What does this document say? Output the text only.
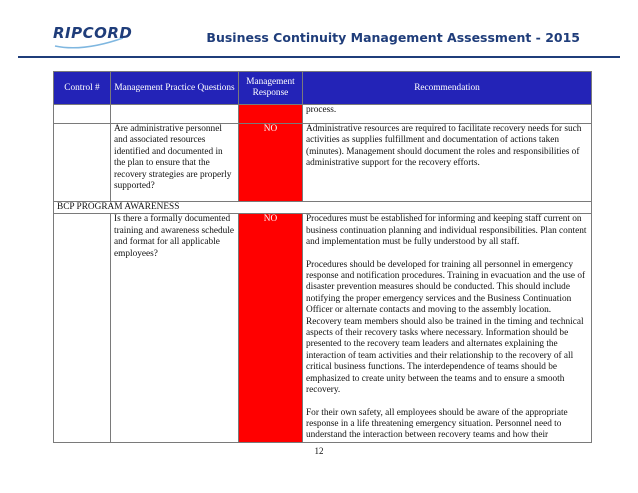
RIPCORD	Business Continuity Management Assessment - 2015
Control #	Management Practice Questions	Management Response	Recommendation
			process.
	Are administrative personnel and associated resources identified and documented in the plan to ensure that the recovery strategies are properly supported?	NO	Administrative resources are required to facilitate recovery needs for such activities as supplies fulfillment and documentation of actions taken (minutes). Management should document the roles and responsibilities of administrative support for the recovery efforts.
BCP PROGRAM AWARENESS			
	Is there a formally documented training and awareness schedule and format for all applicable employees?	NO	Procedures must be established for informing and keeping staff current on business continuation planning and individual responsibilities. Plan content and implementation must be fully understood by all staff.

Procedures should be developed for training all personnel in emergency response and notification procedures. Training in evacuation and the use of disaster prevention measures should be conducted. This should include notifying the proper emergency services and the Business Continuation Officer or alternate contacts and moving to the assembly location. Recovery team members should also be trained in the timing and technical aspects of their recovery tasks where necessary. Information should be presented to the recovery team leaders and alternates explaining the interaction of team activities and their relationship to the recovery of all critical business functions. The interdependence of teams should be emphasized to create unity between the teams and to ensure a smooth recovery.

For their own safety, all employees should be aware of the appropriate response in a life threatening emergency situation. Personnel need to understand the interaction between recovery teams and how their

12
